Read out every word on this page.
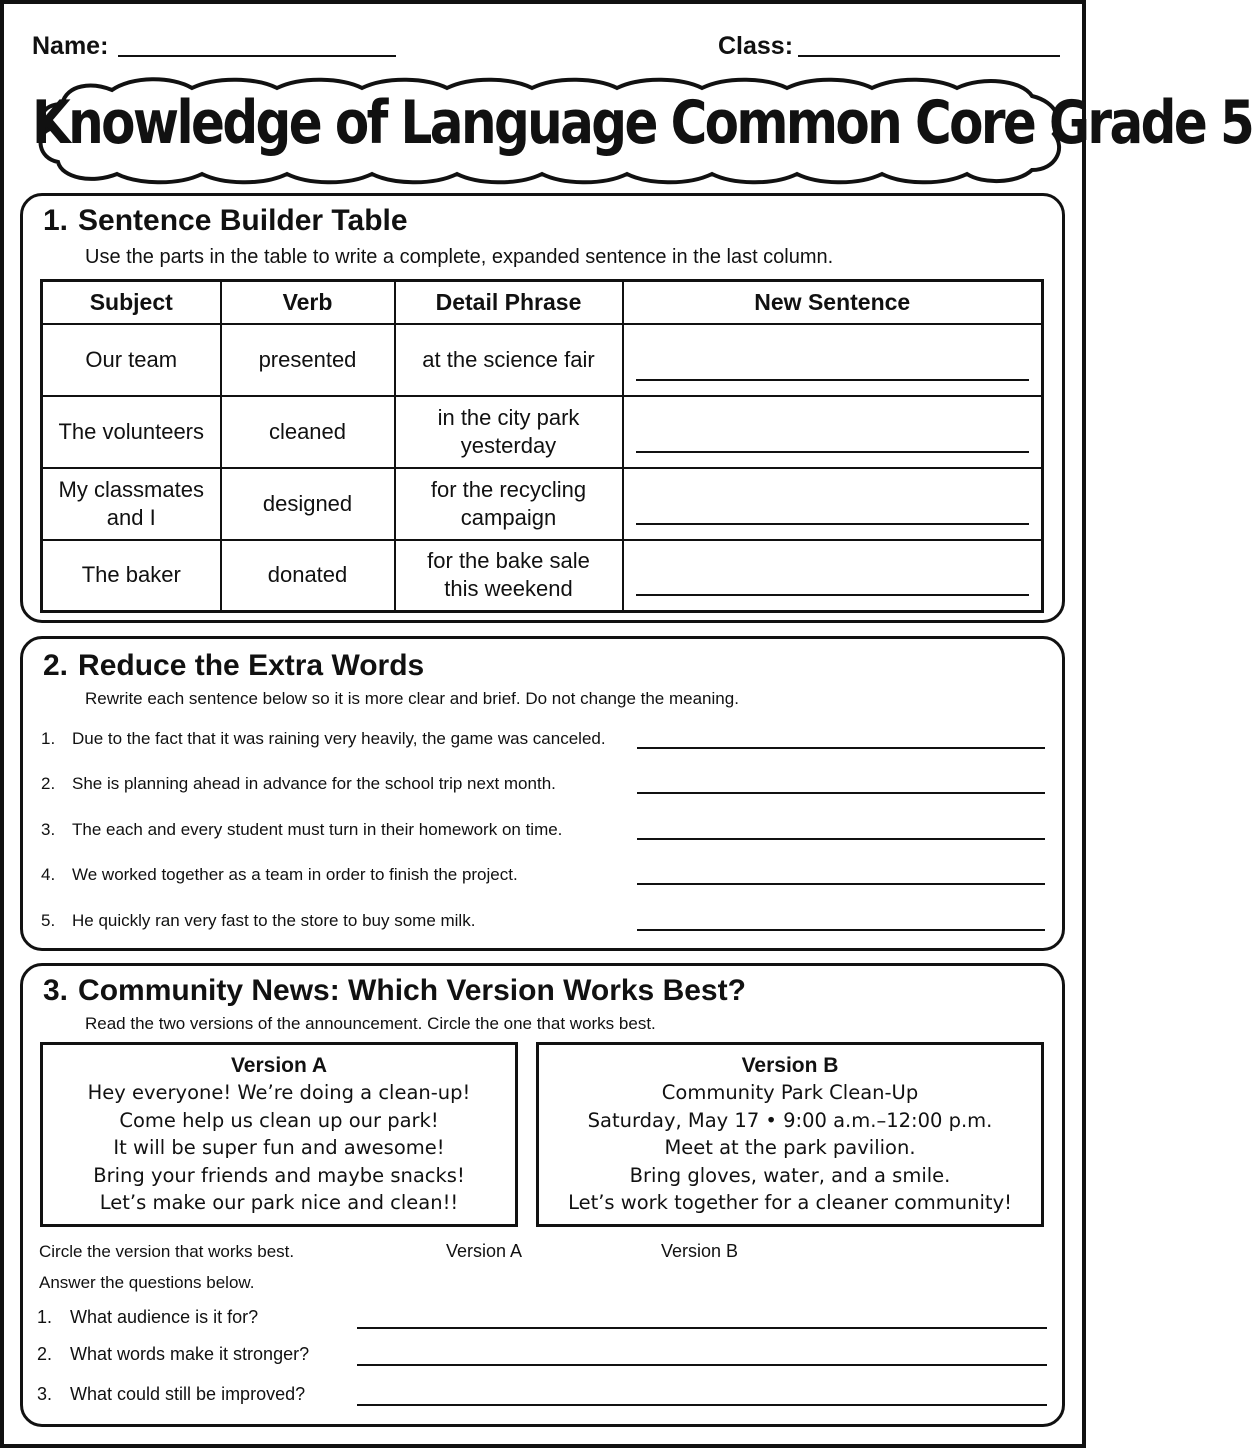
Name:	Class:
Knowledge of Language Common Core Grade 5
1. Sentence Builder Table
Use the parts in the table to write a complete, expanded sentence in the last column.
Subject	Verb	Detail Phrase	New Sentence
Our team	presented	at the science fair	

The volunteers	cleaned	in the city park
yesterday	

My classmates
and I	designed	for the recycling
campaign	

The baker	donated	for the bake sale
this weekend	
2. Reduce the Extra Words
Rewrite each sentence below so it is more clear and brief. Do not change the meaning.
1. Due to the fact that it was raining very heavily, the game was canceled.
2. She is planning ahead in advance for the school trip next month.
3. The each and every student must turn in their homework on time.
4. We worked together as a team in order to finish the project.
5. He quickly ran very fast to the store to buy some milk.
3. Community News: Which Version Works Best?
Read the two versions of the announcement. Circle the one that works best.
Version A
Hey everyone! We’re doing a clean-up!
Come help us clean up our park!
It will be super fun and awesome!
Bring your friends and maybe snacks!
Let’s make our park nice and clean!!
Version B
Community Park Clean-Up
Saturday, May 17 • 9:00 a.m.–12:00 p.m.
Meet at the park pavilion.
Bring gloves, water, and a smile.
Let’s work together for a cleaner community!
Circle the version that works best.	Version A	Version B
Answer the questions below.
1. What audience is it for?
2. What words make it stronger?
3. What could still be improved?
